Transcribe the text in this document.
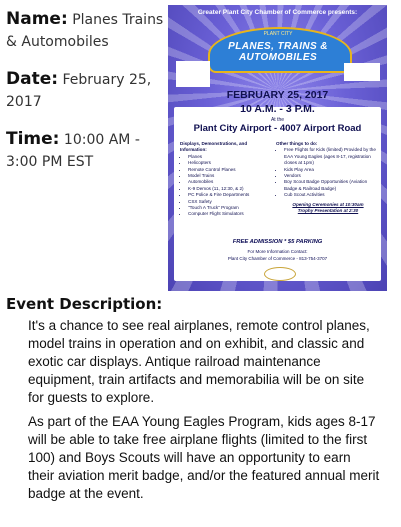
Name: Planes Trains & Automobiles
Date: February 25, 2017
Time: 10:00 AM - 3:00 PM EST
Greater Plant City Chamber of Commerce presents:
PLANT CITY
PLANES, TRAINS & AUTOMOBILES
FEBRUARY 25, 2017
10 A.M. - 3 P.M.
At the
Plant City Airport - 4007 Airport Road
Displays, Demonstrations, and Information:
• Planes
• Helicopters
• Remote Control Planes
• Model Trains
• Automobiles
• K-9 Demos (11, 12:30, & 2)
• PC Police & Fire Departments
• CSX Safety
• "Touch A Truck" Program
• Computer Flight Simulators
Other things to do:
• Free Flights for Kids (limited) Provided by the EAA Young Eagles (ages 8-17, registration closes at 1pm)
• Kids Play Area
• Vendors
• Boy Scout Badge Opportunities (Aviation Badge & Railroad Badge)
• Cub Scout Activities
Opening Ceremonies at 10:30am
Trophy Presentation at 2:30
FREE ADMISSION * $5 PARKING
For More Information Contact:
Plant City Chamber of Commerce - 813-754-3707
Event Description:
It's a chance to see real airplanes, remote control planes, model trains in operation and on exhibit, and classic and exotic car displays. Antique railroad maintenance equipment, train artifacts and memorabilia will be on site for guests to explore.
As part of the EAA Young Eagles Program, kids ages 8-17 will be able to take free airplane flights (limited to the first 100) and Boys Scouts will have an opportunity to earn their aviation merit badge, and/or the featured annual merit badge at the event.
